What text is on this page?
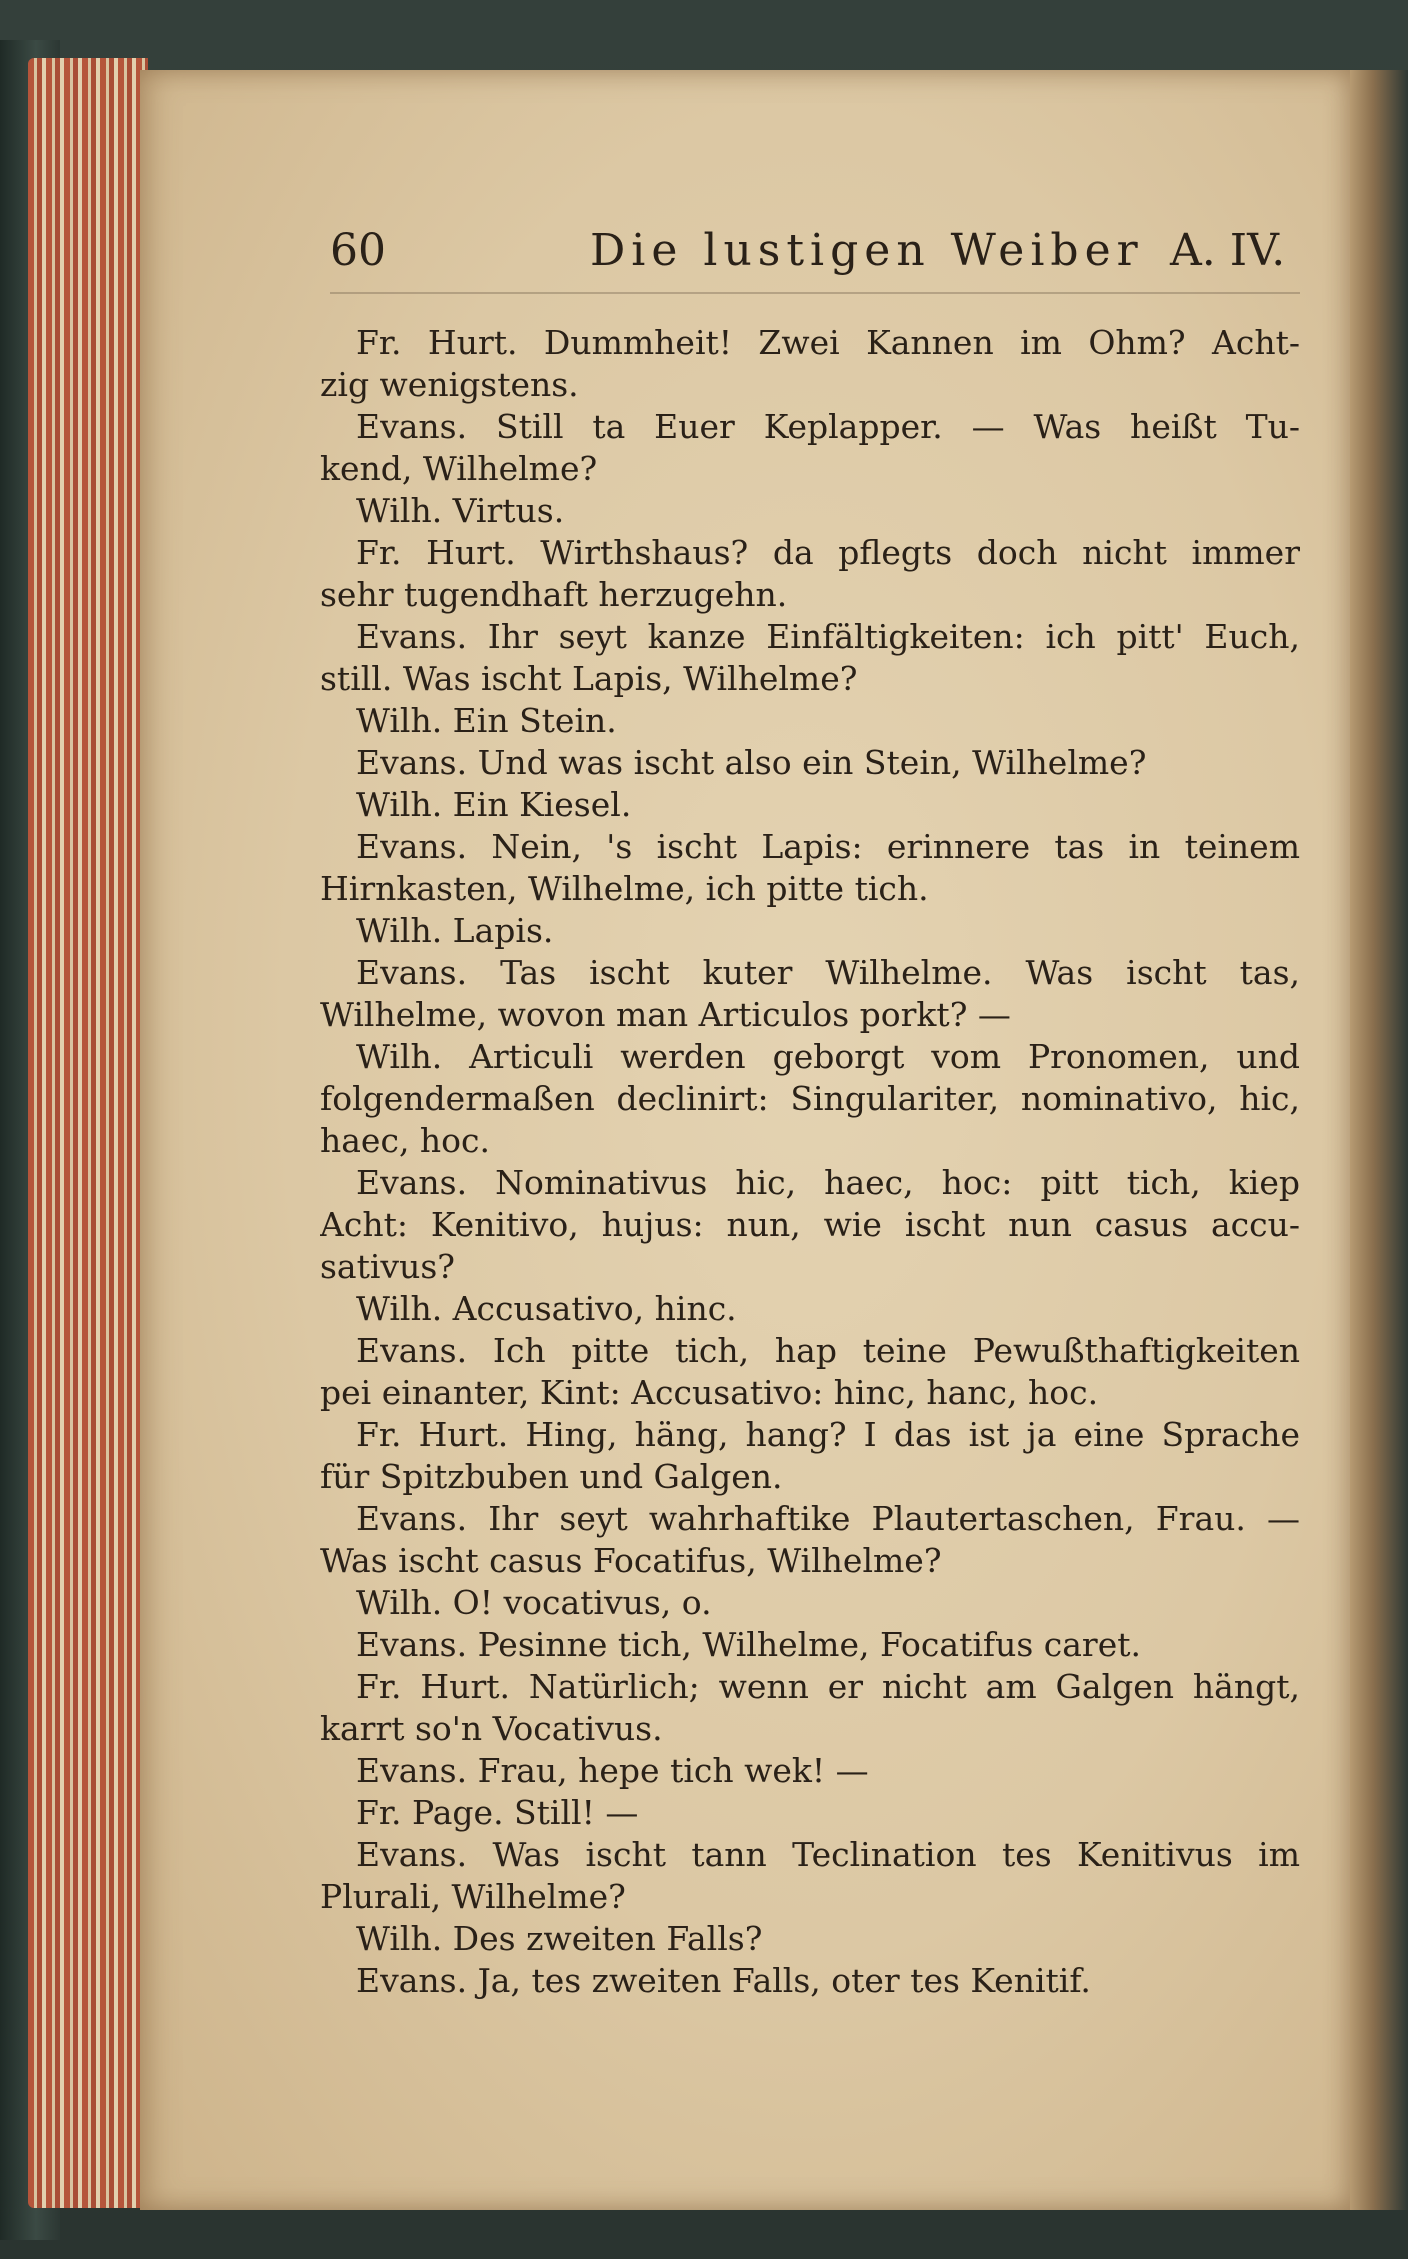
60	Die lustigen Weiber A. IV.
Fr. Hurt. Dummheit! Zwei Kannen im Ohm? Acht-
zig wenigstens.
Evans. Still ta Euer Keplapper. — Was heißt Tu-
kend, Wilhelme?
Wilh. Virtus.
Fr. Hurt. Wirthshaus? da pflegts doch nicht immer
sehr tugendhaft herzugehn.
Evans. Ihr seyt kanze Einfältigkeiten: ich pitt' Euch,
still. Was ischt Lapis, Wilhelme?
Wilh. Ein Stein.
Evans. Und was ischt also ein Stein, Wilhelme?
Wilh. Ein Kiesel.
Evans. Nein, 's ischt Lapis: erinnere tas in teinem
Hirnkasten, Wilhelme, ich pitte tich.
Wilh. Lapis.
Evans. Tas ischt kuter Wilhelme. Was ischt tas,
Wilhelme, wovon man Articulos porkt? —
Wilh. Articuli werden geborgt vom Pronomen, und
folgendermaßen declinirt: Singulariter, nominativo, hic,
haec, hoc.
Evans. Nominativus hic, haec, hoc: pitt tich, kiep
Acht: Kenitivo, hujus: nun, wie ischt nun casus accu-
sativus?
Wilh. Accusativo, hinc.
Evans. Ich pitte tich, hap teine Pewußthaftigkeiten
pei einanter, Kint: Accusativo: hinc, hanc, hoc.
Fr. Hurt. Hing, häng, hang? I das ist ja eine Sprache
für Spitzbuben und Galgen.
Evans. Ihr seyt wahrhaftike Plautertaschen, Frau. —
Was ischt casus Focatifus, Wilhelme?
Wilh. O! vocativus, o.
Evans. Pesinne tich, Wilhelme, Focatifus caret.
Fr. Hurt. Natürlich; wenn er nicht am Galgen hängt,
karrt so'n Vocativus.
Evans. Frau, hepe tich wek! —
Fr. Page. Still! —
Evans. Was ischt tann Teclination tes Kenitivus im
Plurali, Wilhelme?
Wilh. Des zweiten Falls?
Evans. Ja, tes zweiten Falls, oter tes Kenitif.
